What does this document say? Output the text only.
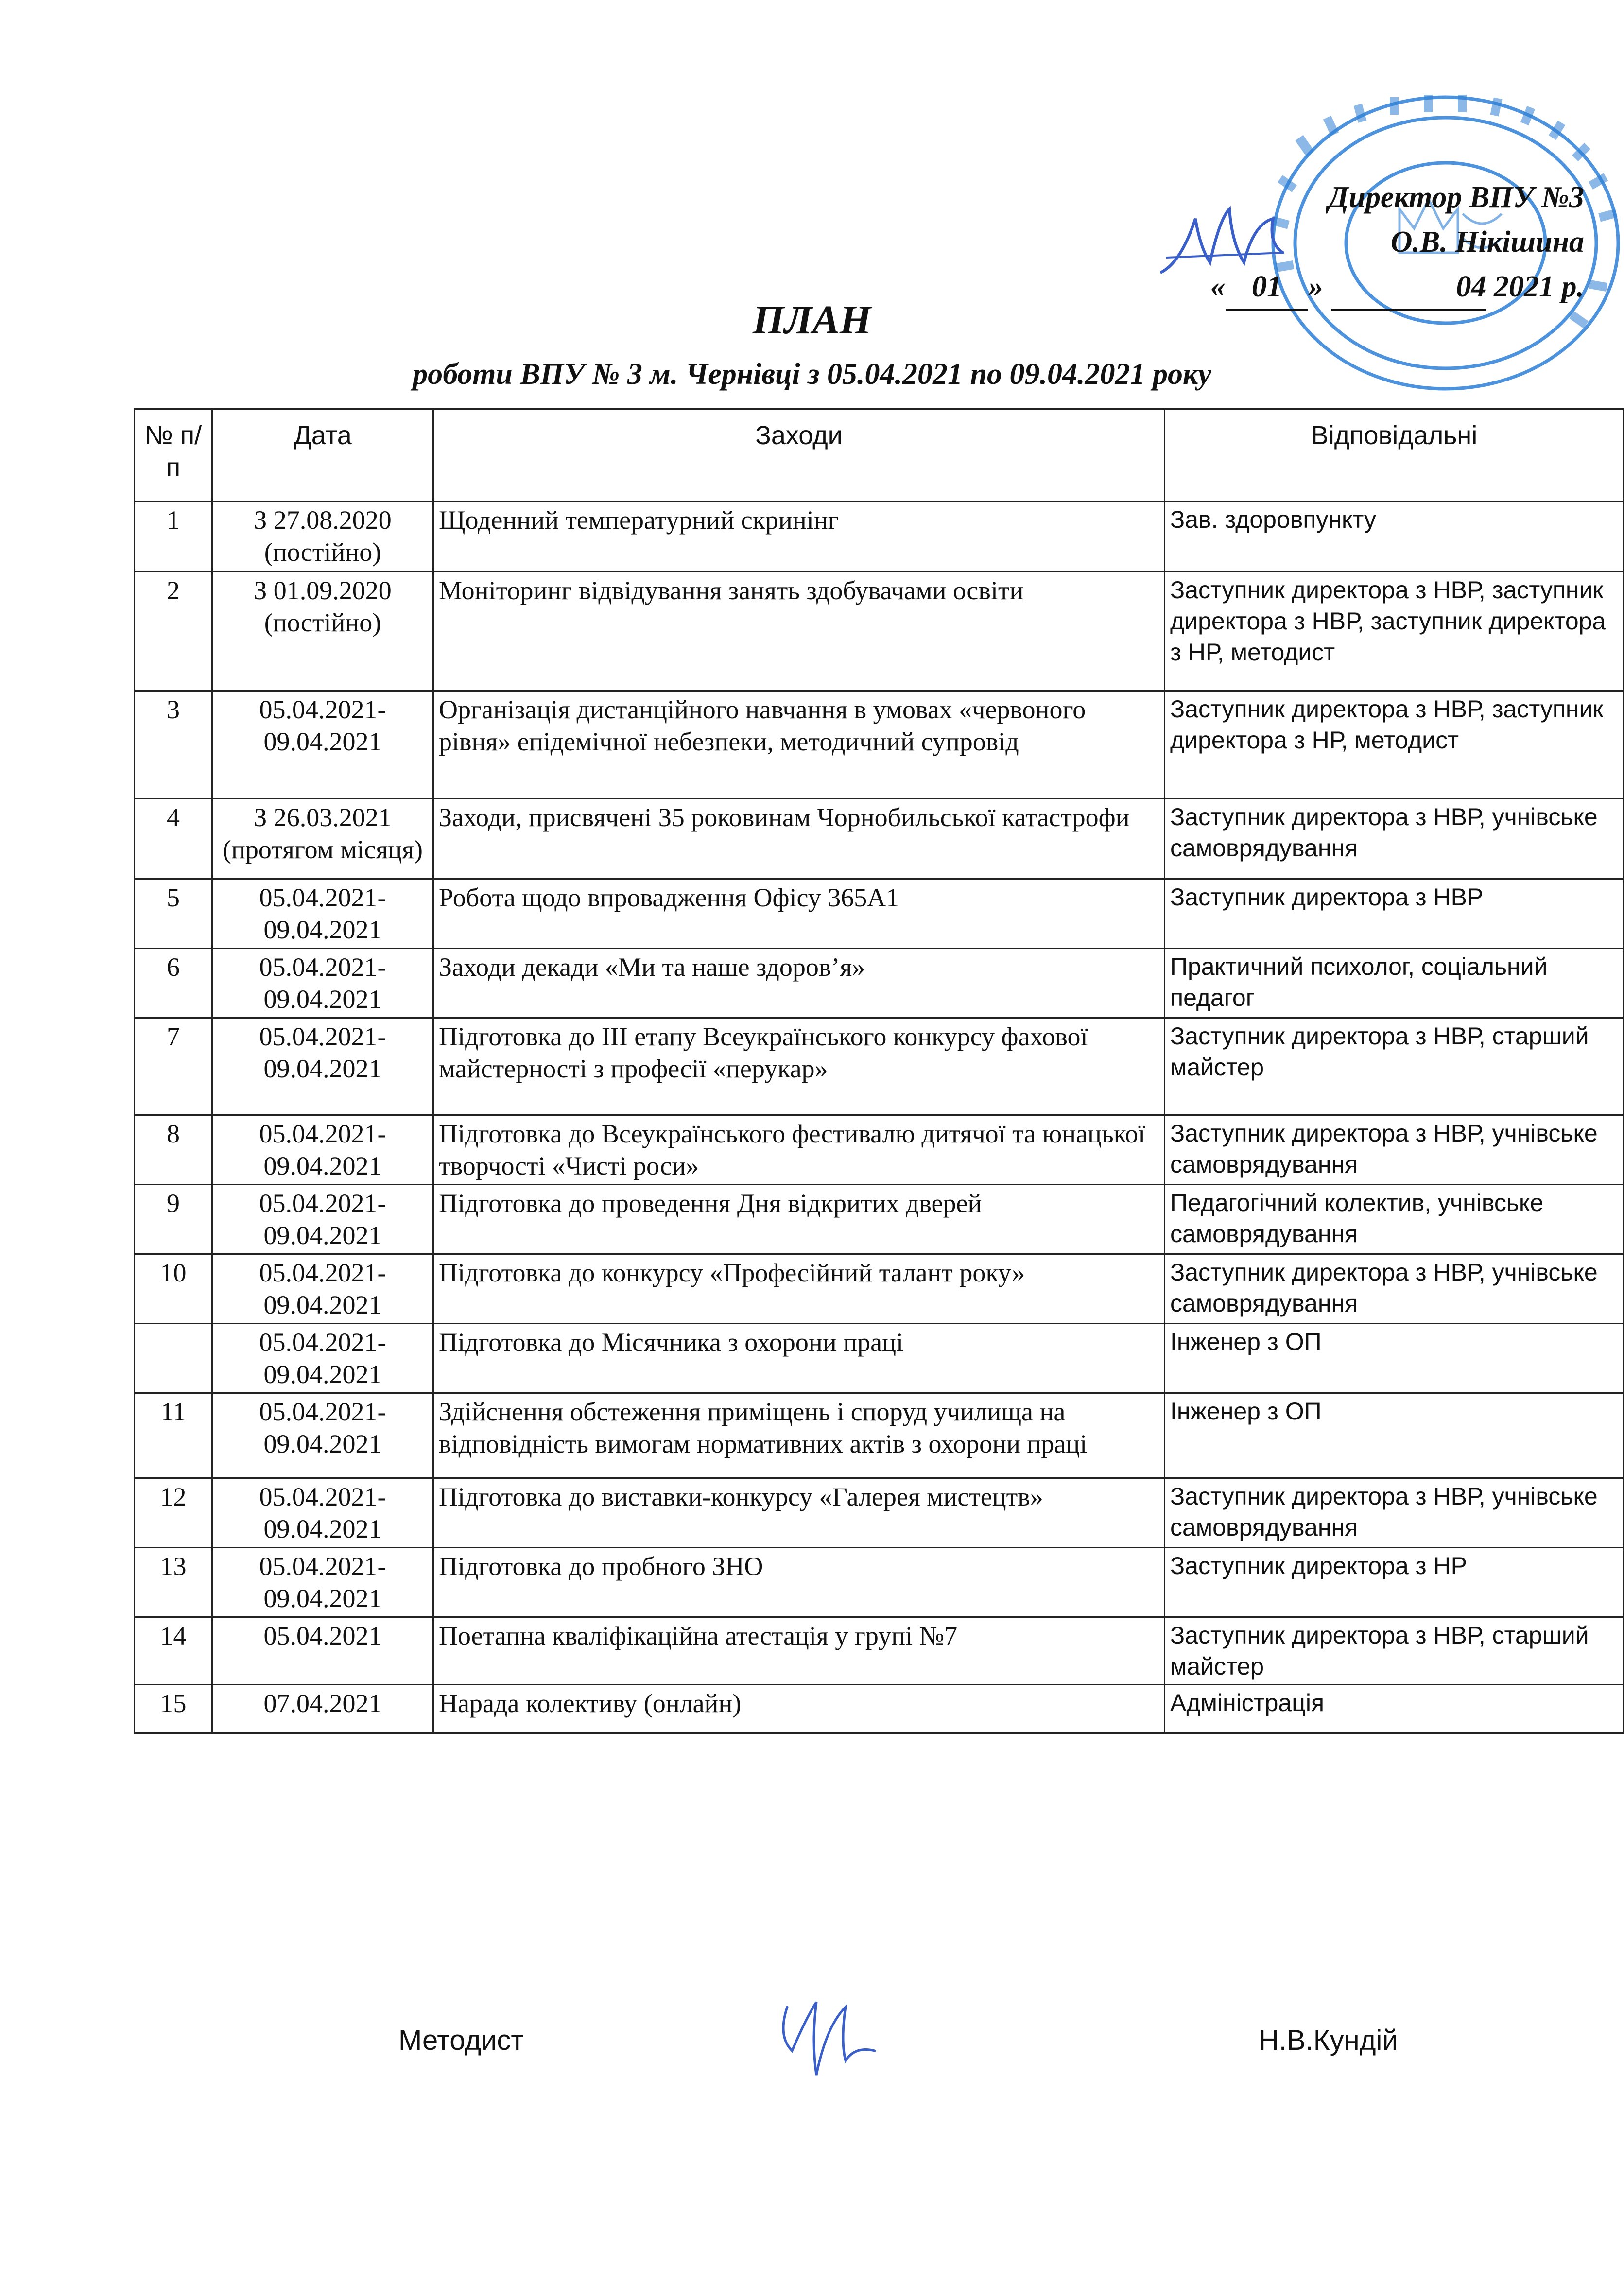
Директор ВПУ №3
О.В. Нікішина
« 01 »	04 2021 р.
ПЛАН
роботи ВПУ № 3 м. Чернівці з 05.04.2021 по 09.04.2021 року
№ п/п	Дата	Заходи	Відповідальні
1	З 27.08.2020 (постійно)	Щоденний температурний скринінг	Зав. здоровпункту
2	З 01.09.2020 (постійно)	Моніторинг відвідування занять здобувачами освіти	Заступник директора з НВР, заступник директора з НВР, заступник директора з НР, методист
3	05.04.2021- 09.04.2021	Організація дистанційного навчання в умовах «червоного рівня» епідемічної небезпеки, методичний супровід	Заступник директора з НВР, заступник директора з НР, методист
4	З 26.03.2021 (протягом місяця)	Заходи, присвячені 35 роковинам Чорнобильської катастрофи	Заступник директора з НВР, учнівське самоврядування
5	05.04.2021- 09.04.2021	Робота щодо впровадження Офісу 365А1	Заступник директора з НВР
6	05.04.2021- 09.04.2021	Заходи декади «Ми та наше здоров’я»	Практичний психолог, соціальний педагог
7	05.04.2021- 09.04.2021	Підготовка до ІІІ етапу Всеукраїнського конкурсу фахової майстерності з професії «перукар»	Заступник директора з НВР, старший майстер
8	05.04.2021- 09.04.2021	Підготовка до Всеукраїнського фестивалю дитячої та юнацької творчості «Чисті роси»	Заступник директора з НВР, учнівське самоврядування
9	05.04.2021- 09.04.2021	Підготовка до проведення Дня відкритих дверей	Педагогічний колектив, учнівське самоврядування
10	05.04.2021- 09.04.2021	Підготовка до конкурсу «Професійний талант року»	Заступник директора з НВР, учнівське самоврядування
	05.04.2021- 09.04.2021	Підготовка до Місячника з охорони праці	Інженер з ОП
11	05.04.2021- 09.04.2021	Здійснення обстеження приміщень і споруд училища на відповідність вимогам нормативних актів з охорони праці	Інженер з ОП
12	05.04.2021- 09.04.2021	Підготовка до виставки-конкурсу «Галерея мистецтв»	Заступник директора з НВР, учнівське самоврядування
13	05.04.2021- 09.04.2021	Підготовка до пробного ЗНО	Заступник директора з НР
14	05.04.2021	Поетапна кваліфікаційна атестація у групі №7	Заступник директора з НВР, старший майстер
15	07.04.2021	Нарада колективу (онлайн)	Адміністрація
Методист	Н.В.Кундій
